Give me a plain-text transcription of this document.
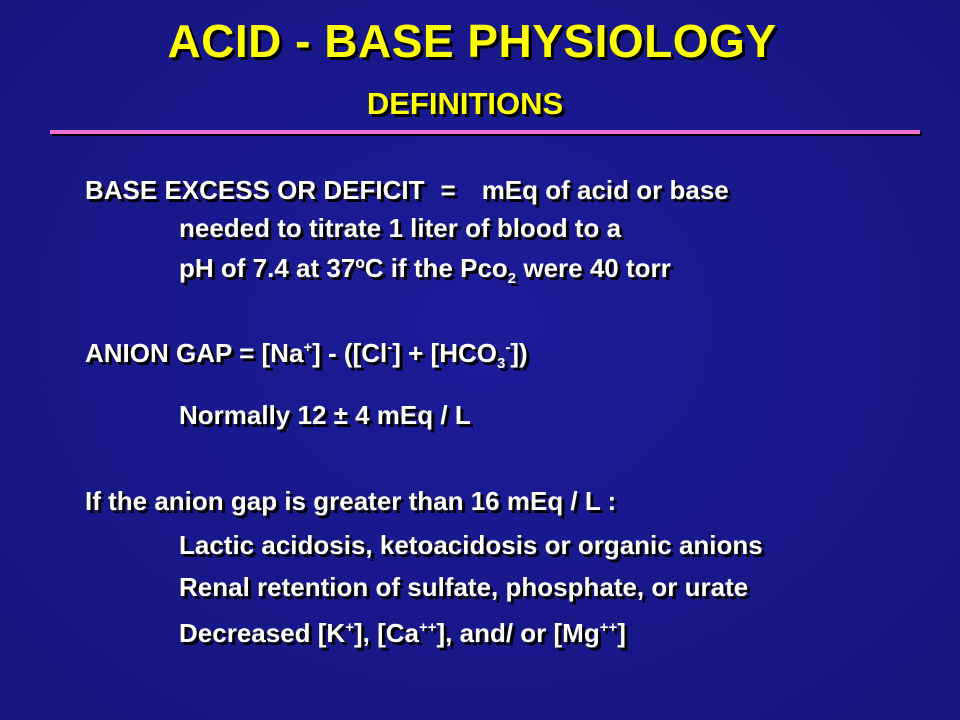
ACID - BASE PHYSIOLOGY
DEFINITIONS
BASE EXCESS OR DEFICIT = mEq of acid or base
needed to titrate 1 liter of blood to a
pH of 7.4 at 37ºC if the Pco$_2$ were 40 torr
ANION GAP = $[Na^+] - ([Cl^-] + [HCO_3^-])$
Normally 12 ± 4 mEq / L
If the anion gap is greater than 16 mEq / L :
Lactic acidosis, ketoacidosis or organic anions
Renal retention of sulfate, phosphate, or urate
Decreased [K+], [Ca++], and/ or [Mg++]
